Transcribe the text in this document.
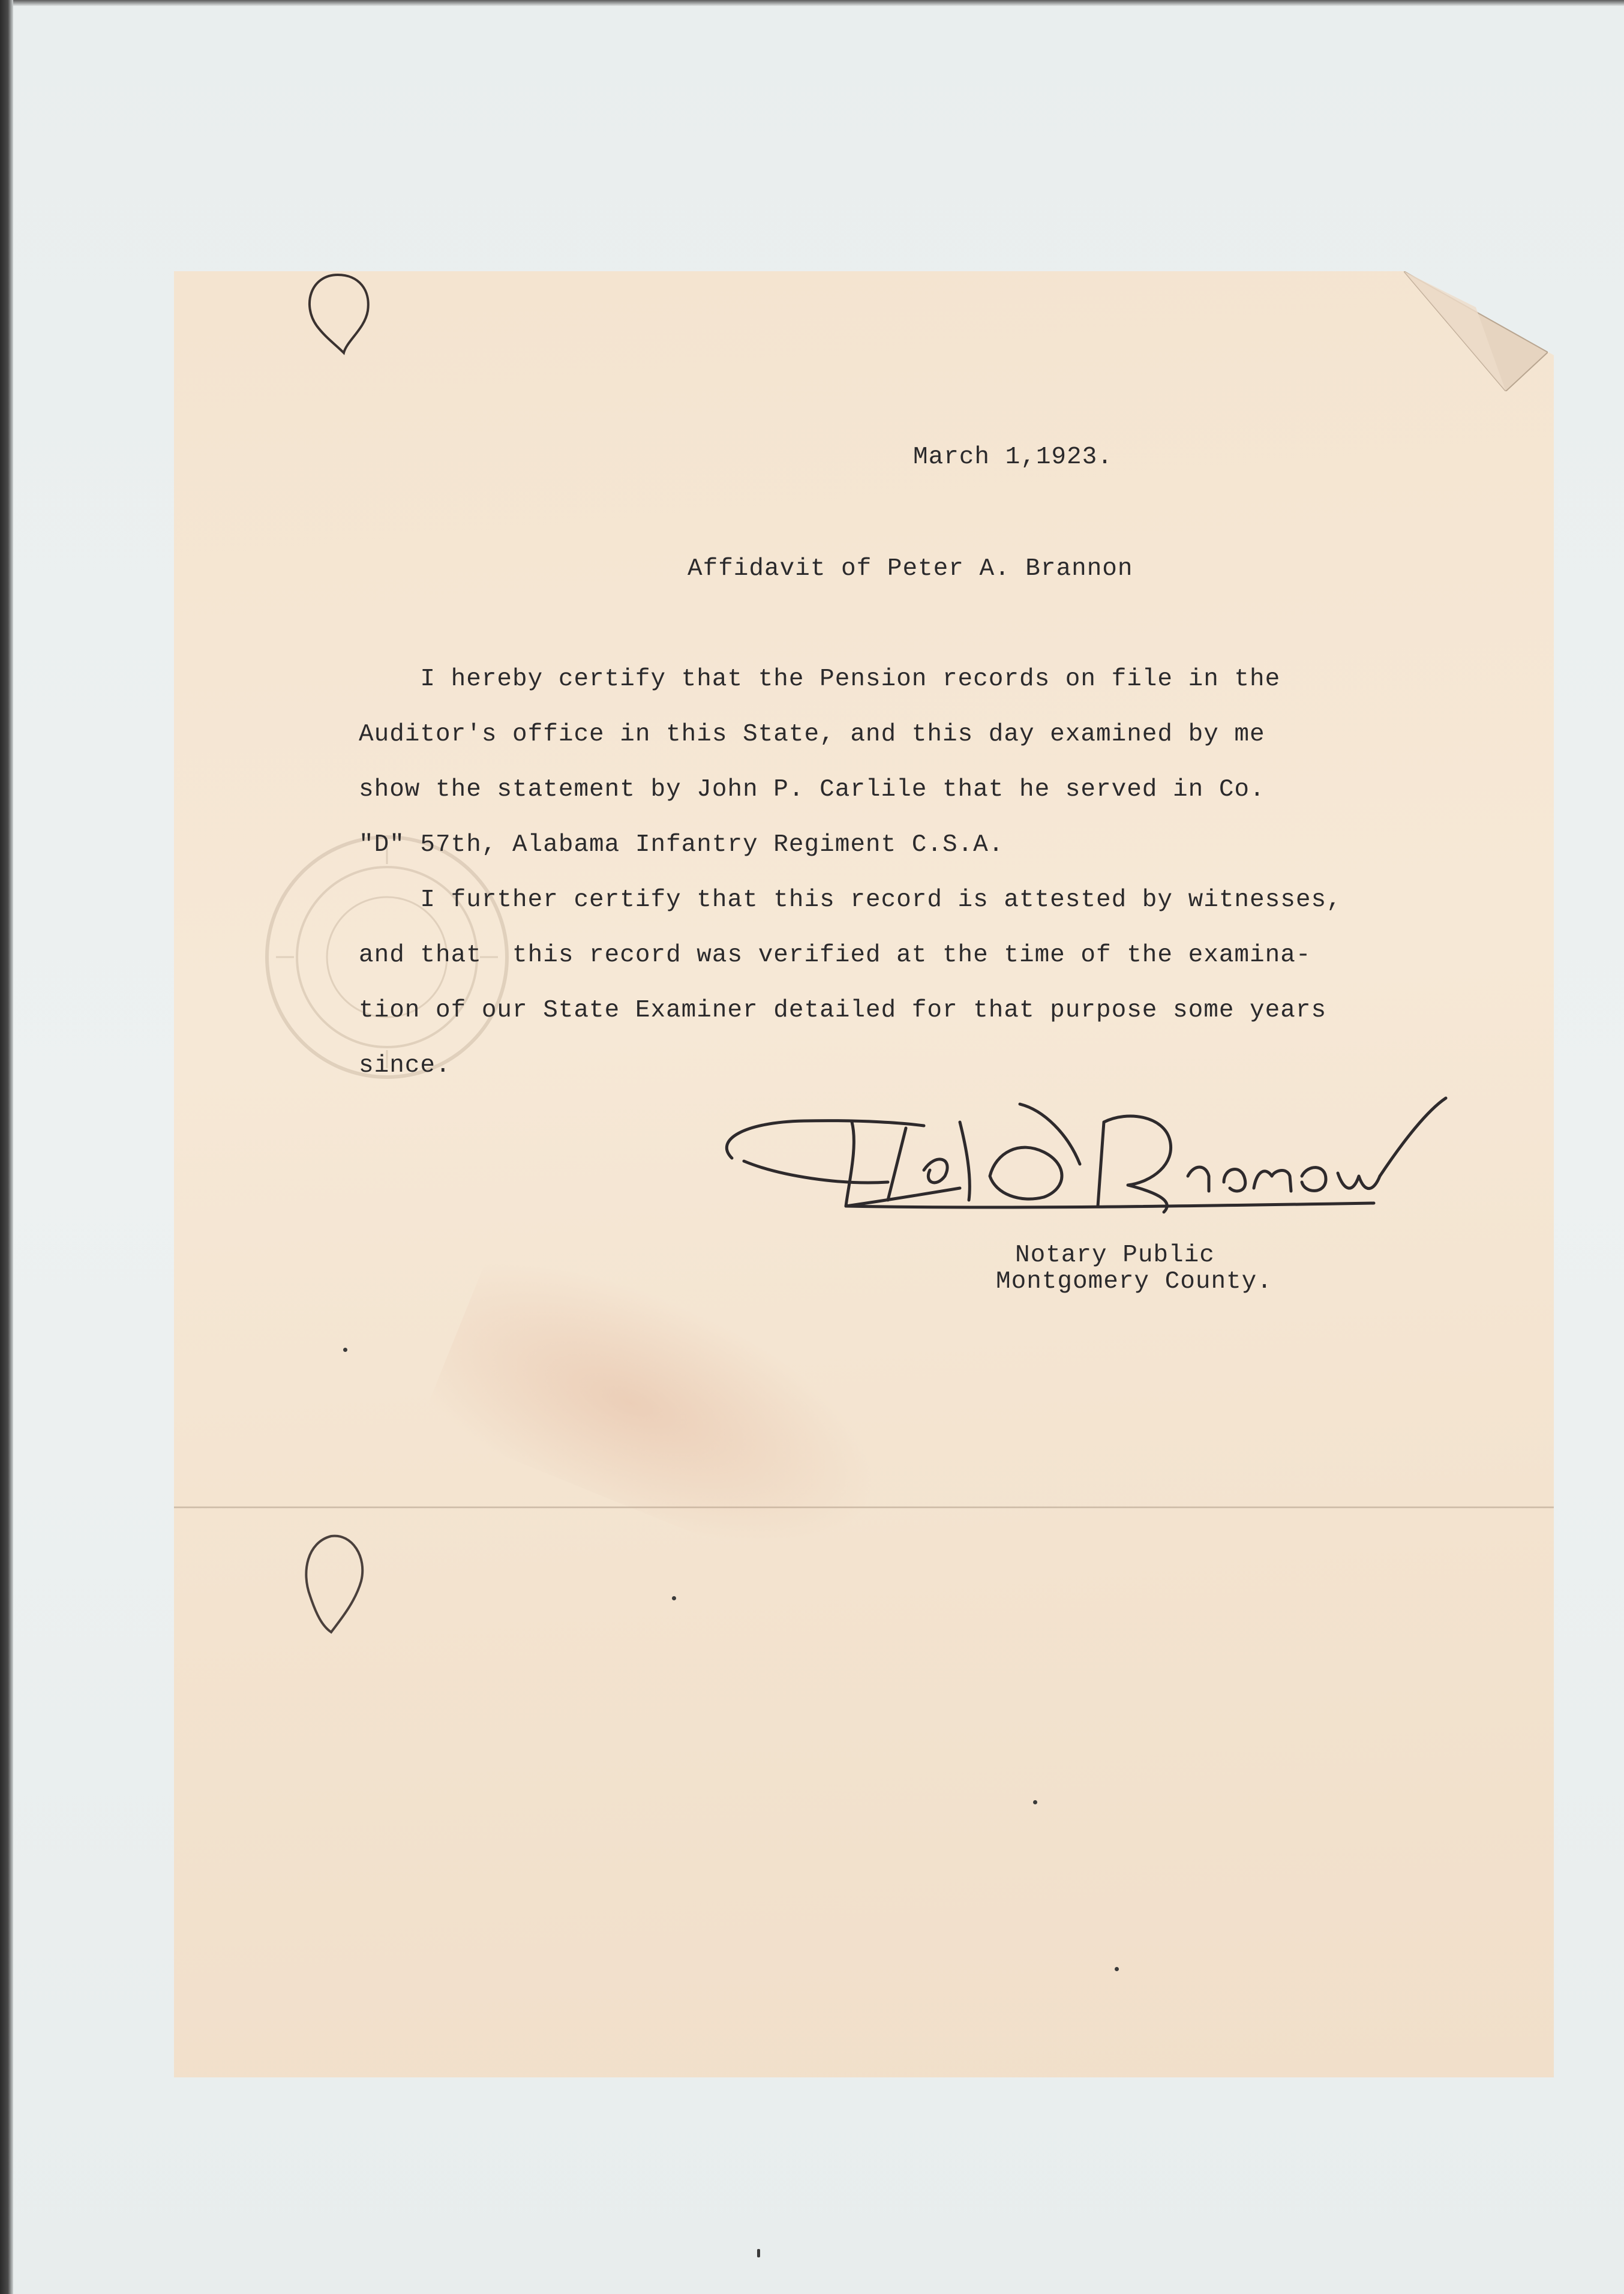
March 1,1923.
Affidavit of Peter A. Brannon
I hereby certify that the Pension records on file in the
Auditor's office in this State, and this day examined by me
show the statement by John P. Carlile that he served in Co.
"D" 57th, Alabama Infantry Regiment C.S.A.
I further certify that this record is attested by witnesses,
and that  this record was verified at the time of the examina-
tion of our State Examiner detailed for that purpose some years
since.
Notary Public
Montgomery County.
